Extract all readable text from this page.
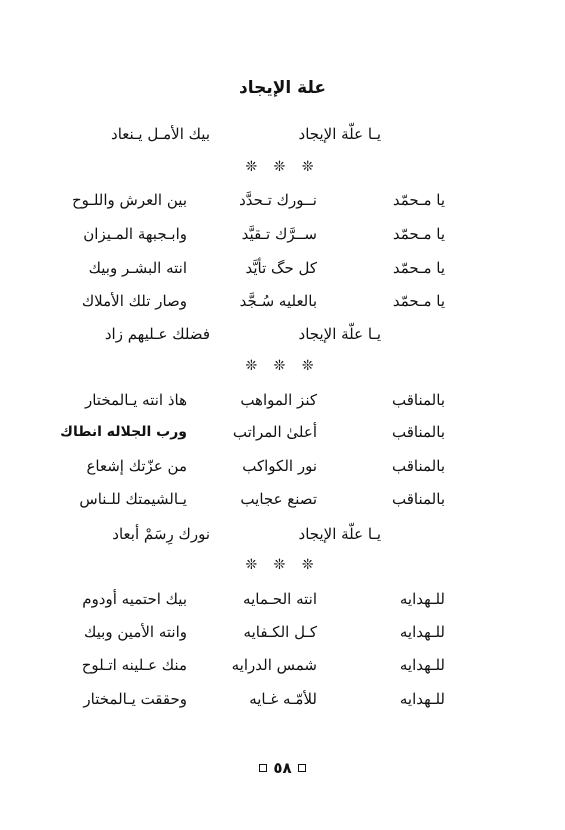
علة الإيجاد
بيك الأمـل يـنعاد	يـا علّة الإيجاد
❊ ❊ ❊
بين العرش واللـوح	نــورك تـحدَّد	يا مـحمّد
وابـجبهة المـيزان	ســرَّك تـقيَّد	يا مـحمّد
انته البشـر وبيك	كل حگ تأيَّد	يا مـحمّد
وصار تلك الأملاك	بالعليه سُـجَّد	يا مـحمّد
فضلك عـليهم زاد	يـا علّة الإيجاد
❊ ❊ ❊
هاذ انته يـالمختار	كنز المواهب	بالمناقب
ورب الجلاله انطاك	أعلىٰ المراتب	بالمناقب
من عزّتك إشعاع	نور الكواكب	بالمناقب
يـالشيمتك للـناس	تصنع عجايب	بالمناقب
نورك رِسَمْ أبعاد	يـا علّة الإيجاد
❊ ❊ ❊
بيك احتميه أودوم	انته الحـمايه	للـهدايه
وانته الأمين وبيك	كـل الكـفايه	للـهدايه
منك عـلينه اتـلوح	شمس الدرايه	للـهدايه
وحققت يـالمختار	للأمّـه غـايه	للـهدايه
٥٨
